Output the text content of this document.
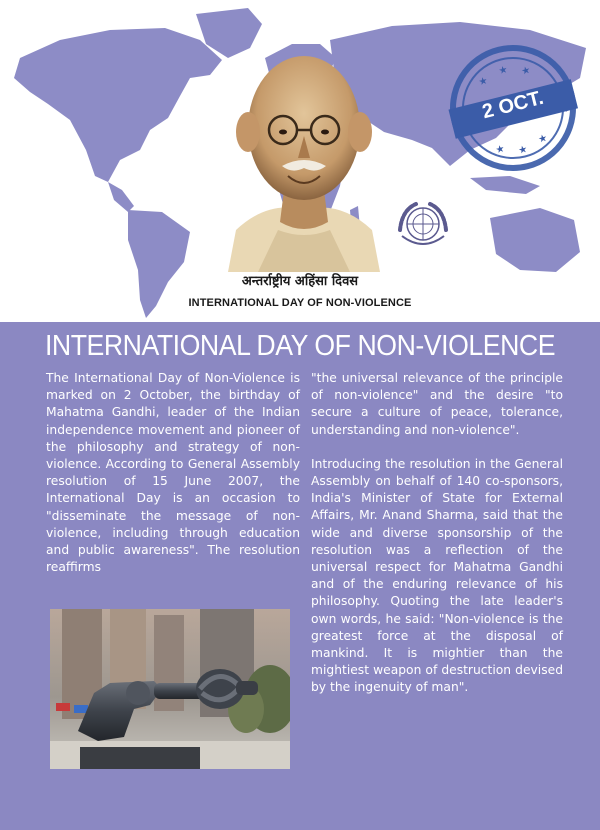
★
★ ★
★ ★
★
2 OCT.
अन्तर्राष्ट्रीय अहिंसा दिवस
INTERNATIONAL DAY OF NON-VIOLENCE
INTERNATIONAL DAY OF NON-VIOLENCE

The International Day of Non-Violence is marked on 2 October, the birthday of Mahatma Gandhi, leader of the Indian independence movement and pioneer of the philosophy and strategy of non-violence. According to General Assembly resolution of 15 June 2007, the International Day is an occasion to "disseminate the message of non-violence, including through education and public awareness". The resolution reaffirms

"the universal relevance of the principle of non-violence" and the desire "to secure a culture of peace, tolerance, understanding and non-violence".

Introducing the resolution in the General Assembly on behalf of 140 co-sponsors, India's Minister of State for External Affairs, Mr. Anand Sharma, said that the wide and diverse sponsorship of the resolution was a reflection of the universal respect for Mahatma Gandhi and of the enduring relevance of his philosophy. Quoting the late leader's own words, he said: "Non-violence is the greatest force at the disposal of mankind. It is mightier than the mightiest weapon of destruction devised by the ingenuity of man".
